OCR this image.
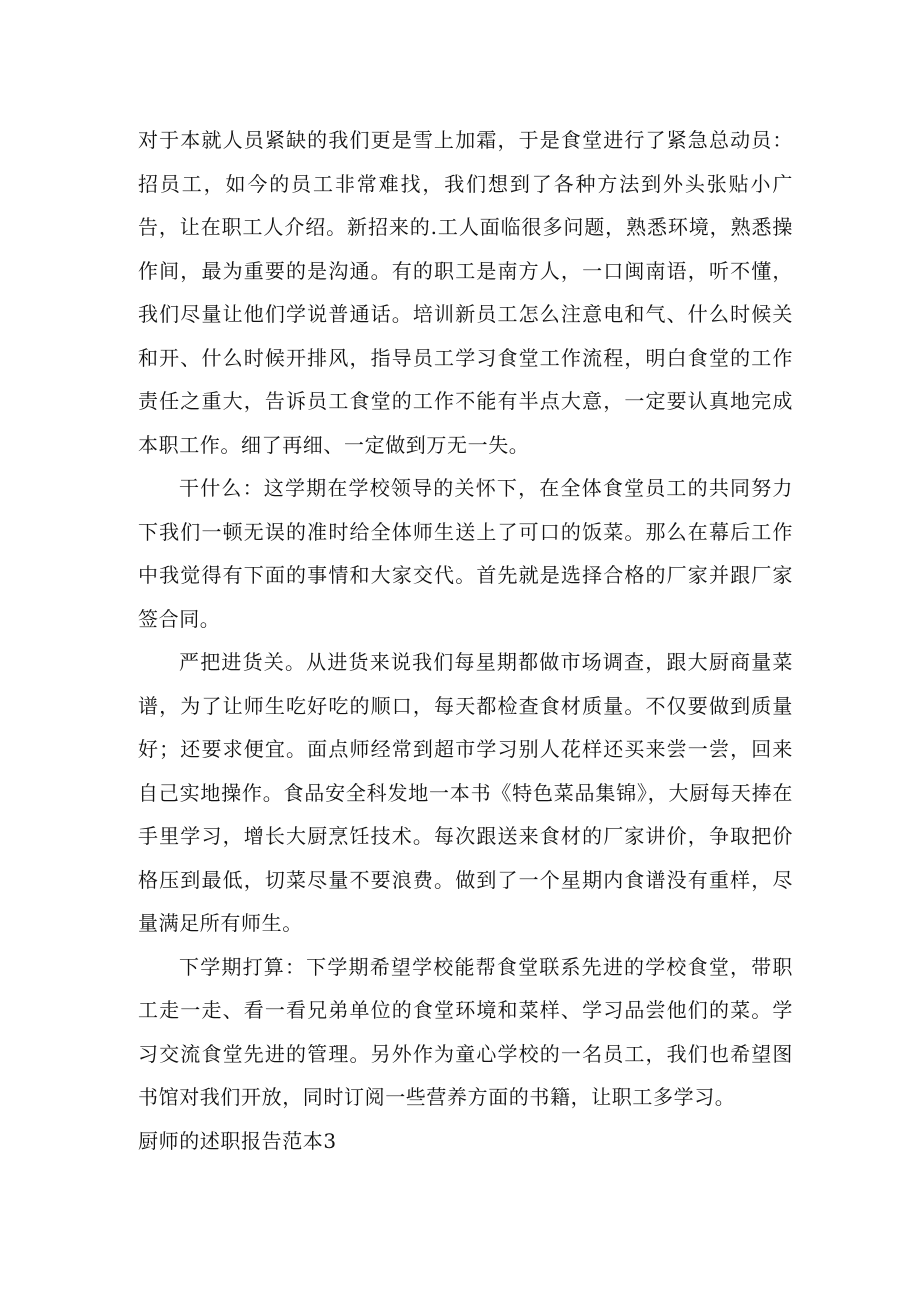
对于本就人员紧缺的我们更是雪上加霜，于是食堂进行了紧急总动员：招员工，如今的员工非常难找，我们想到了各种方法到外头张贴小广告，让在职工人介绍。新招来的.工人面临很多问题，熟悉环境，熟悉操作间，最为重要的是沟通。有的职工是南方人，一口闽南语，听不懂，我们尽量让他们学说普通话。培训新员工怎么注意电和气、什么时候关和开、什么时候开排风，指导员工学习食堂工作流程，明白食堂的工作责任之重大，告诉员工食堂的工作不能有半点大意，一定要认真地完成本职工作。细了再细、一定做到万无一失。

干什么：这学期在学校领导的关怀下，在全体食堂员工的共同努力下我们一顿无误的准时给全体师生送上了可口的饭菜。那么在幕后工作中我觉得有下面的事情和大家交代。首先就是选择合格的厂家并跟厂家签合同。

严把进货关。从进货来说我们每星期都做市场调查，跟大厨商量菜谱，为了让师生吃好吃的顺口，每天都检查食材质量。不仅要做到质量好；还要求便宜。面点师经常到超市学习别人花样还买来尝一尝，回来自己实地操作。食品安全科发地一本书《特色菜品集锦》，大厨每天捧在手里学习，增长大厨烹饪技术。每次跟送来食材的厂家讲价，争取把价格压到最低，切菜尽量不要浪费。做到了一个星期内食谱没有重样，尽量满足所有师生。

下学期打算：下学期希望学校能帮食堂联系先进的学校食堂，带职工走一走、看一看兄弟单位的食堂环境和菜样、学习品尝他们的菜。学习交流食堂先进的管理。另外作为童心学校的一名员工，我们也希望图书馆对我们开放，同时订阅一些营养方面的书籍，让职工多学习。

厨师的述职报告范本3
